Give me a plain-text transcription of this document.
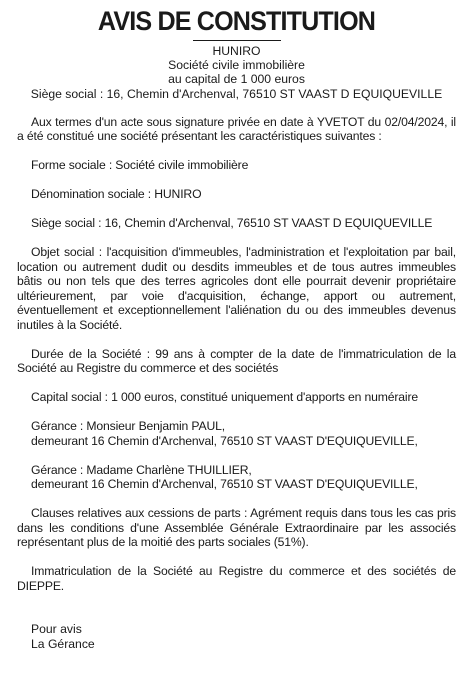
AVIS DE CONSTITUTION
HUNIRO
Société civile immobilière
au capital de 1 000 euros
Siège social : 16, Chemin d'Archenval, 76510 ST VAAST D EQUIQUEVILLE

Aux termes d'un acte sous signature privée en date à YVETOT du 02/04/2024, il a été constitué une société présentant les caractéristiques suivantes :

Forme sociale : Société civile immobilière

Dénomination sociale : HUNIRO

Siège social : 16, Chemin d'Archenval, 76510 ST VAAST D EQUIQUEVILLE

Objet social : l'acquisition d'immeubles, l'administration et l'exploitation par bail, location ou autrement dudit ou desdits immeubles et de tous autres immeubles bâtis ou non tels que des terres agricoles dont elle pourrait devenir propriétaire ultérieurement, par voie d'acquisition, échange, apport ou autrement, éventuellement et exceptionnellement l'aliénation du ou des immeubles devenus inutiles à la Société.

Durée de la Société : 99 ans à compter de la date de l'immatriculation de la Société au Registre du commerce et des sociétés

Capital social : 1 000 euros, constitué uniquement d'apports en numéraire

Gérance : Monsieur Benjamin PAUL,
demeurant 16 Chemin d'Archenval, 76510 ST VAAST D'EQUIQUEVILLE,
Gérance : Madame Charlène THUILLIER,
demeurant 16 Chemin d'Archenval, 76510 ST VAAST D'EQUIQUEVILLE,

Clauses relatives aux cessions de parts : Agrément requis dans tous les cas pris dans les conditions d'une Assemblée Générale Extraordinaire par les associés représentant plus de la moitié des parts sociales (51%).

Immatriculation de la Société au Registre du commerce et des sociétés de DIEPPE.

Pour avis
La Gérance
